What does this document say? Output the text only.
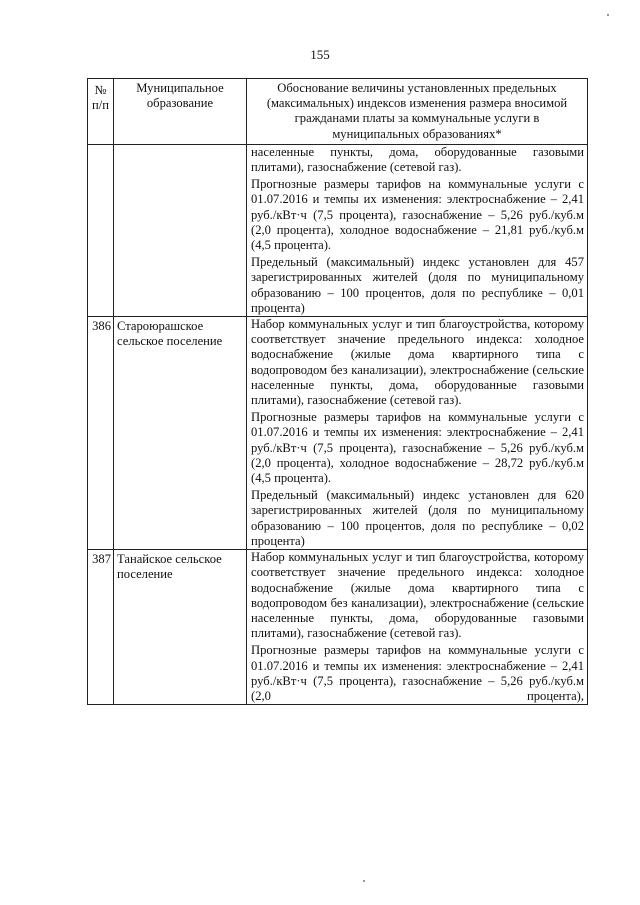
155
№ п/п	Муниципальное образование	Обоснование величины установленных предельных (максимальных) индексов изменения размера вносимой гражданами платы за коммунальные услуги в муниципальных образованиях*

		населенные пункты, дома, оборудованные газовыми плитами), газоснабжение (сетевой газ).

Прогнозные размеры тарифов на коммунальные услуги с 01.07.2016 и темпы их изменения: электроснабжение – 2,41 руб./кВт·ч (7,5 процента), газоснабжение – 5,26 руб./куб.м (2,0 процента), холодное водоснабжение – 21,81 руб./куб.м (4,5 процента).

Предельный (максимальный) индекс установлен для 457 зарегистрированных жителей (доля по муниципальному образованию – 100 процентов, доля по республике – 0,01 процента)

386	Староюрашское сельское поселение	Набор коммунальных услуг и тип благоустройства, которому соответствует значение предельного индекса: холодное водоснабжение (жилые дома квартирного типа с водопроводом без канализации), электроснабжение (сельские населенные пункты, дома, оборудованные газовыми плитами), газоснабжение (сетевой газ).

Прогнозные размеры тарифов на коммунальные услуги с 01.07.2016 и темпы их изменения: электроснабжение – 2,41 руб./кВт·ч (7,5 процента), газоснабжение – 5,26 руб./куб.м (2,0 процента), холодное водоснабжение – 28,72 руб./куб.м (4,5 процента).

Предельный (максимальный) индекс установлен для 620 зарегистрированных жителей (доля по муниципальному образованию – 100 процентов, доля по республике – 0,02 процента)

387	Танайское сельское поселение	Набор коммунальных услуг и тип благоустройства, которому соответствует значение предельного индекса: холодное водоснабжение (жилые дома квартирного типа с водопроводом без канализации), электроснабжение (сельские населенные пункты, дома, оборудованные газовыми плитами), газоснабжение (сетевой газ).

Прогнозные размеры тарифов на коммунальные услуги с 01.07.2016 и темпы их изменения: электроснабжение – 2,41 руб./кВт·ч (7,5 процента), газоснабжение – 5,26 руб./куб.м (2,0 процента),
